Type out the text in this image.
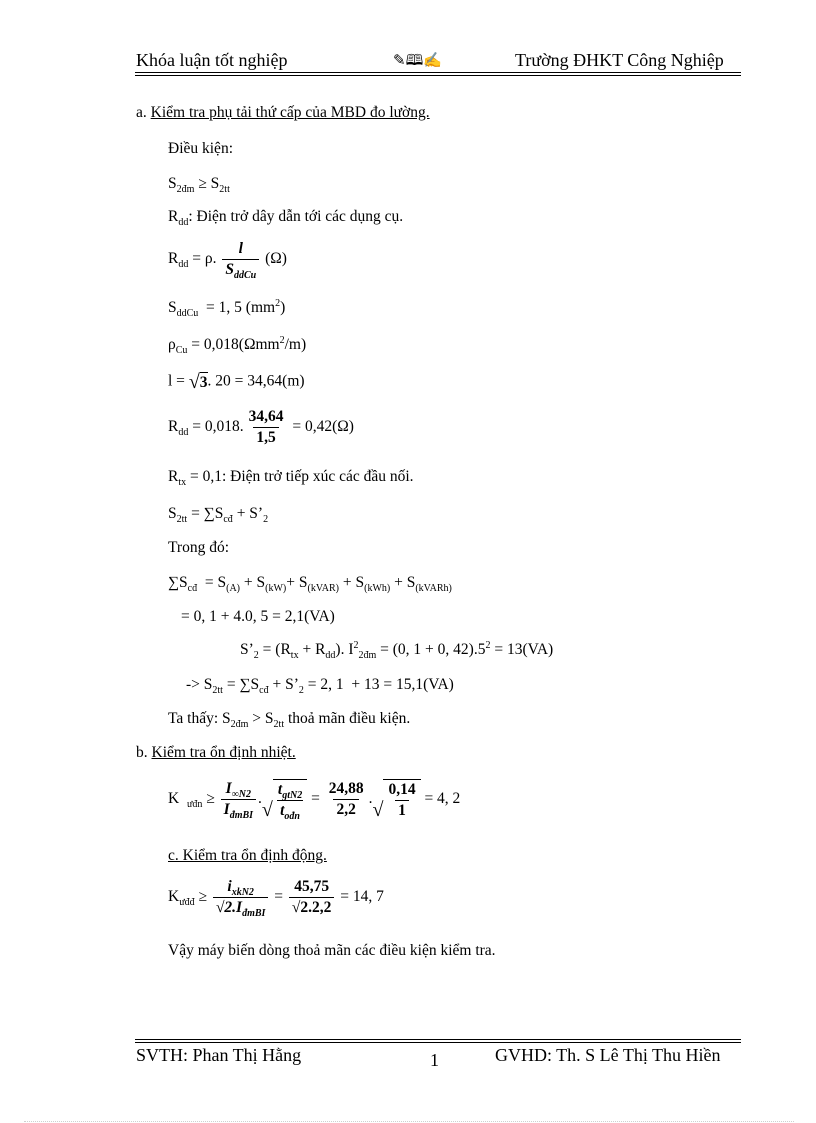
Khóa luận tốt nghiệp	✎🕮✍	Trường ĐHKT Công Nghiệp
a. Kiểm tra phụ tải thứ cấp của MBD đo lường.
Điều kiện:
$S_{2đm} \ge S_{2tt}$
$R_{dd}$: Điện trở dây dẫn tới các dụng cụ.
$R_{dd} = \rho$. $\frac{l}{S_{ddCu}} (\Omega)$
$S_{ddCu} = 1$, 5 $(mm^2)$
$\rho_{Cu} = 0,018(\Omega mm^2/m)$
l = √ 3 . 20 = 34,64(m)
$R_{dd} = 0,018$. $\frac{34,64}{1,5} = 0,42(\Omega)$
$R_{tx} = 0,1$: Điện trở tiếp xúc các đầu nối.
$S_{2tt} = \sum S_{cđ}$ + $S’_2$
Trong đó:
$\sum S_{cđ} = S_{(A)} + S_{(kW)}+ S_{(kVAR)} + S_{(kWh)} + S_{(kVARh)}$
= 0, 1 + 4.0, 5 = 2,1(VA)
$S’_2 = (R_{tx} + R_{dd})$. $I^2_{2đm} = (0$, 1 + 0, $42).5^2 = 13(VA)$
-> $S_{2tt} = \sum S_{cđ}$ + $S’_2 = 2$, 1  + 13 = 15,1(VA)
Ta thấy: $S_{2đm} > S_{2tt}$ thoả mãn điều kiện.
b. Kiểm tra ổn định nhiệt.
K  $_{ưđn} \ge \frac{I_{\infty N2}}{I_{đmBI}}$ .
√ $\frac{t_{gtN2}}{t_{ođn}} = \frac{24,88}{2,2}$ .
√ $\frac{0,14}{1} = 4$, 2
c. Kiểm tra ổn định động.
$K_{ưđđ} \ge \frac{i_{xkN2}}{√2.I_{đmBI}} = \frac{45,75}{√2.2,2} = 14$, 7
Vậy máy biến dòng thoả mãn các điều kiện kiểm tra.
SVTH: Phan Thị Hằng	1	GVHD: Th. S Lê Thị Thu Hiền
